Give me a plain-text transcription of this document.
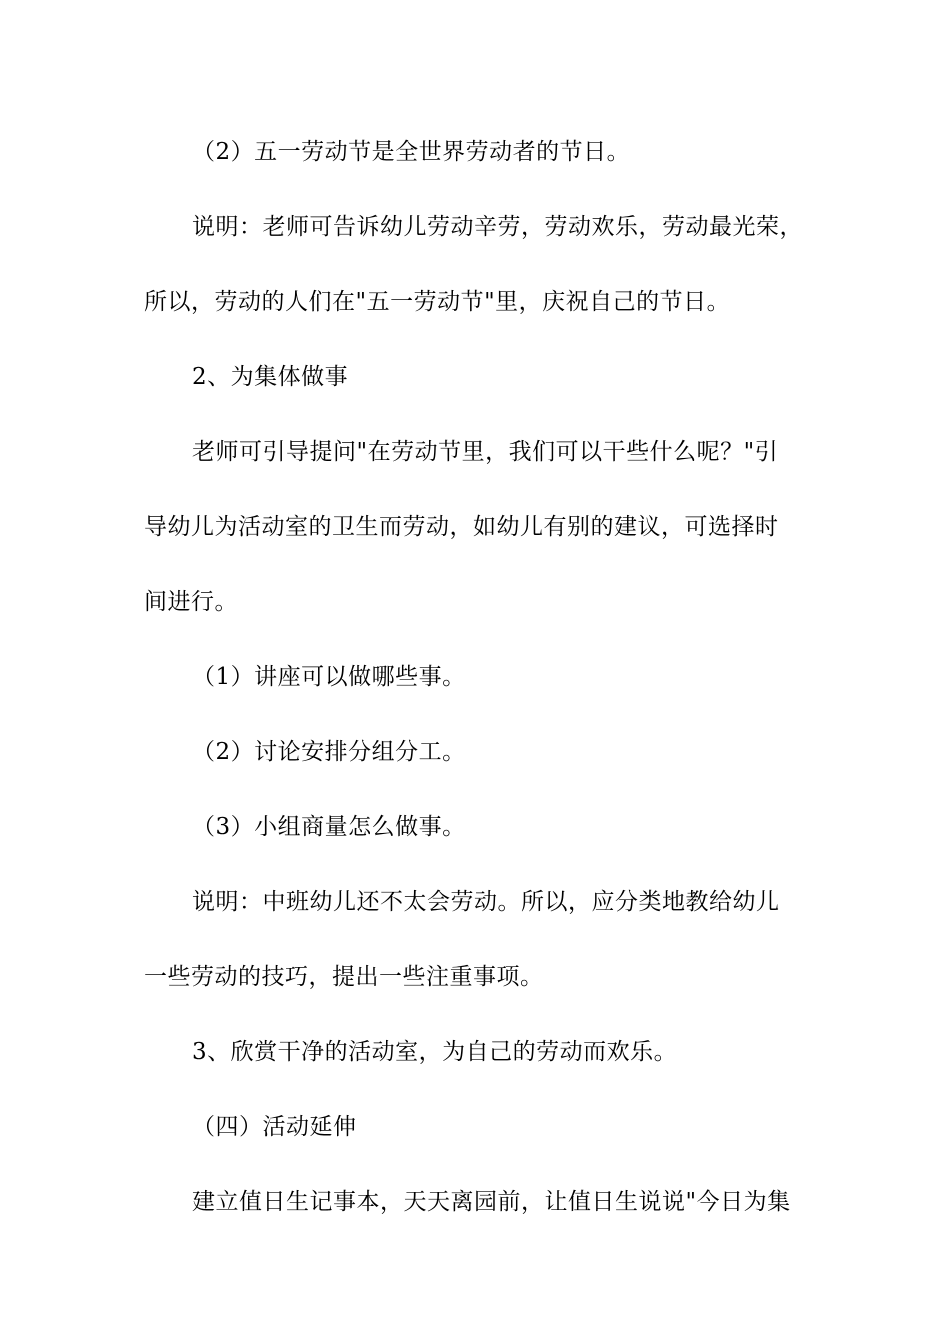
（2）五一劳动节是全世界劳动者的节日。
说明：老师可告诉幼儿劳动辛劳，劳动欢乐，劳动最光荣，
所以，劳动的人们在"五一劳动节"里，庆祝自己的节日。
2、为集体做事
老师可引导提问"在劳动节里，我们可以干些什么呢？"引
导幼儿为活动室的卫生而劳动，如幼儿有别的建议，可选择时
间进行。
（1）讲座可以做哪些事。
（2）讨论安排分组分工。
（3）小组商量怎么做事。
说明：中班幼儿还不太会劳动。所以，应分类地教给幼儿
一些劳动的技巧，提出一些注重事项。
3、欣赏干净的活动室，为自己的劳动而欢乐。
（四）活动延伸
建立值日生记事本，天天离园前，让值日生说说"今日为集
